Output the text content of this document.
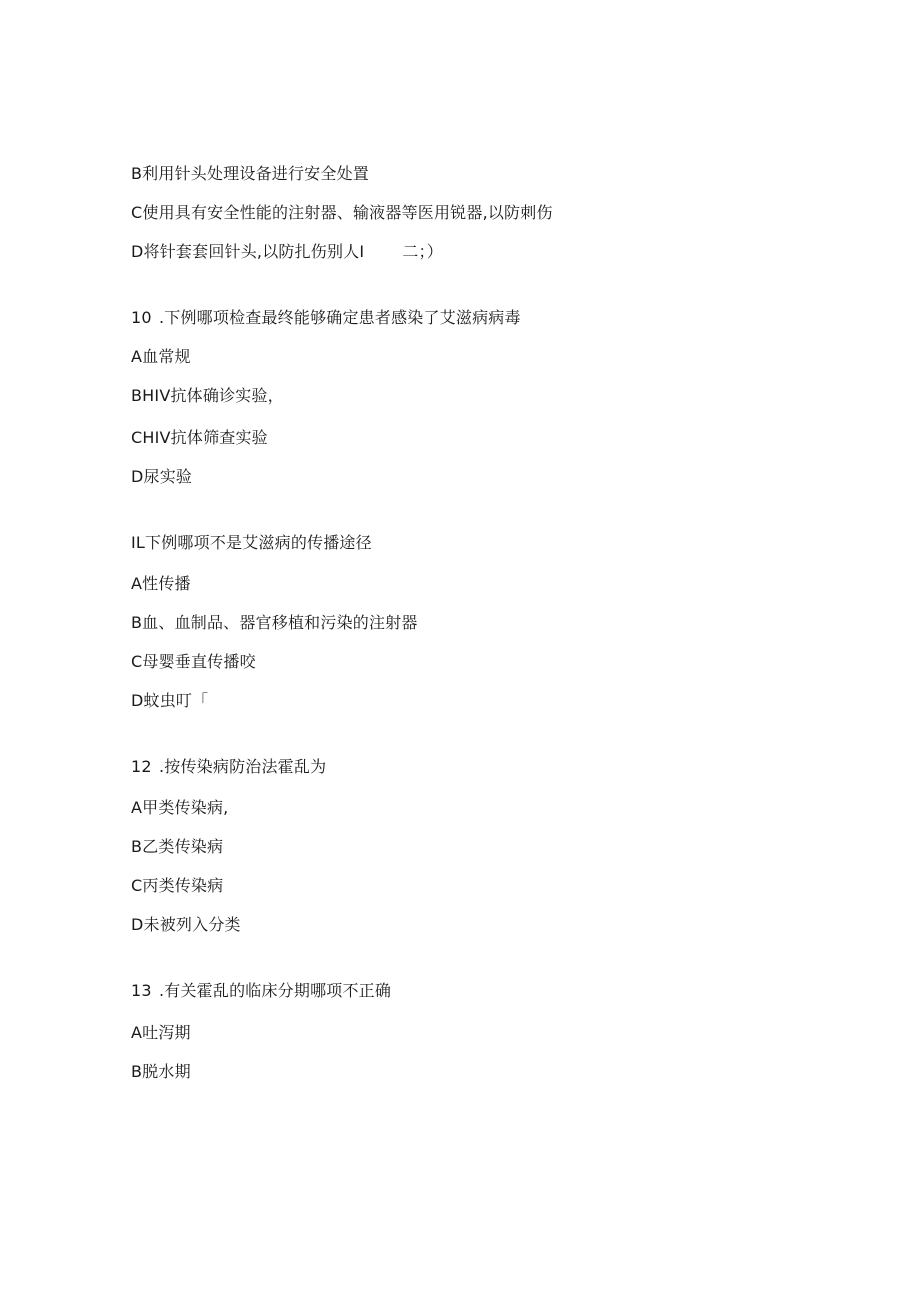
B利用针头处理设备进行安全处置
C使用具有安全性能的注射器、输液器等医用锐器,以防刺伤
D将针套套回针头,以防扎伤别人I 二；）
10 .下例哪项检查最终能够确定患者感染了艾滋病病毒
A血常规
BHIV抗体确诊实验，
CHIV抗体筛查实验
D尿实验
IL下例哪项不是艾滋病的传播途径
A性传播
B血、血制品、器官移植和污染的注射器
C母婴垂直传播咬
D蚊虫叮「
12 .按传染病防治法霍乱为
A甲类传染病,
B乙类传染病
C丙类传染病
D未被列入分类
13 .有关霍乱的临床分期哪项不正确
A吐泻期
B脱水期
